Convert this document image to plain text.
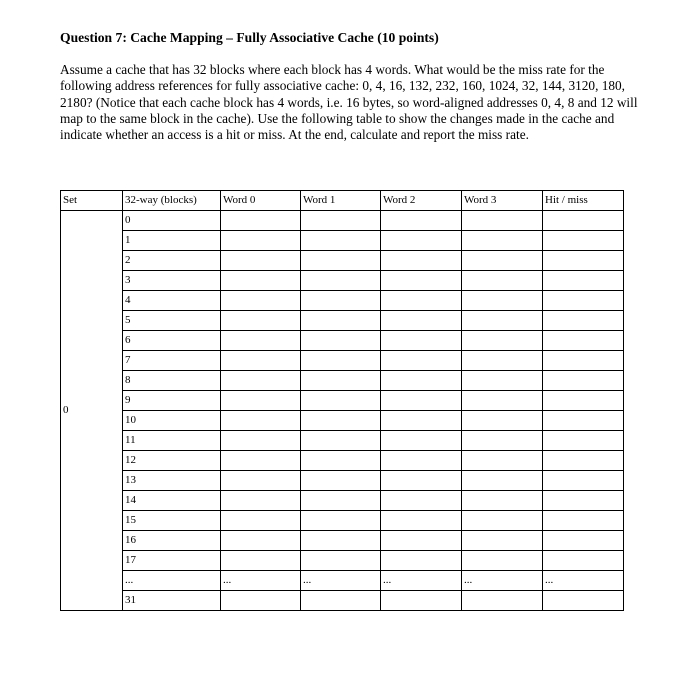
Question 7: Cache Mapping – Fully Associative Cache (10 points)

Assume a cache that has 32 blocks where each block has 4 words. What would be the miss rate for the following address references for fully associative cache: 0, 4, 16, 132, 232, 160, 1024, 32, 144, 3120, 180, 2180? (Notice that each cache block has 4 words, i.e. 16 bytes, so word-aligned addresses 0, 4, 8 and 12 will map to the same block in the cache). Use the following table to show the changes made in the cache and indicate whether an access is a hit or miss. At the end, calculate and report the miss rate.

Set	32-way (blocks)	Word 0	Word 1	Word 2	Word 3	Hit / miss
0	0					
	1					
	2					
	3					
	4					
	5					
	6					
	7					
	8					
	9					
	10					
	11					
	12					
	13					
	14					
	15					
	16					
	17					
	...	...	...	...	...	...
	31					
